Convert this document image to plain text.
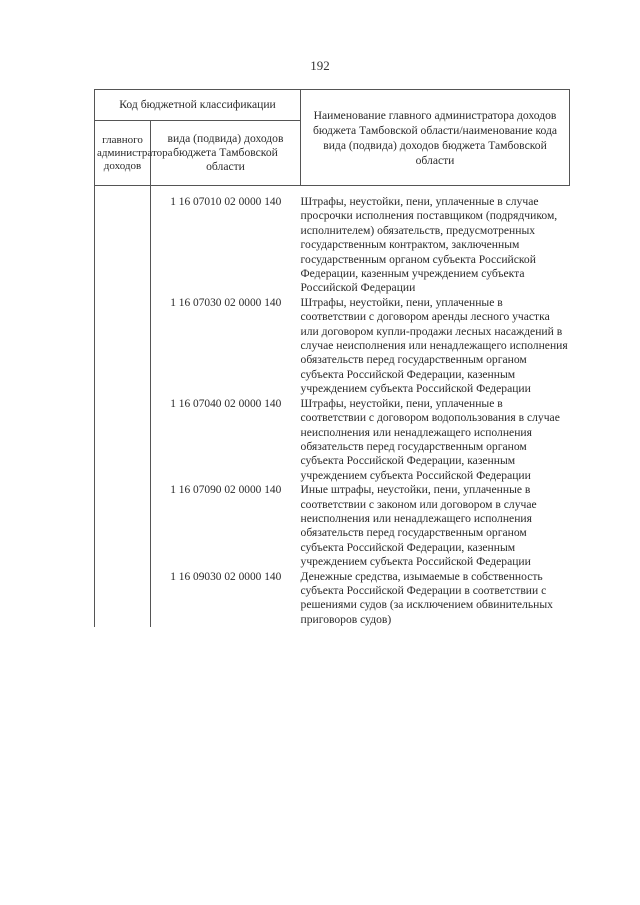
192
Код бюджетной классификации		Наименование главного администратора доходов бюджета Тамбовской области/наименование кода вида (подвида) доходов бюджета Тамбовской области
главного администратора доходов	вида (подвида) доходов бюджета Тамбовской области	
	1 16 07010 02 0000 140	Штрафы, неустойки, пени, уплаченные в случае просрочки исполнения поставщиком (подрядчиком, исполнителем) обязательств, предусмотренных государственным контрактом, заключенным государственным органом субъекта Российской Федерации, казенным учреждением субъекта Российской Федерации
	1 16 07030 02 0000 140	Штрафы, неустойки, пени, уплаченные в соответствии с договором аренды лесного участка или договором купли-продажи лесных насаждений в случае неисполнения или ненадлежащего исполнения обязательств перед государственным органом субъекта Российской Федерации, казенным учреждением субъекта Российской Федерации
	1 16 07040 02 0000 140	Штрафы, неустойки, пени, уплаченные в соответствии с договором водопользования в случае неисполнения или ненадлежащего исполнения обязательств перед государственным органом субъекта Российской Федерации, казенным учреждением субъекта Российской Федерации
	1 16 07090 02 0000 140	Иные штрафы, неустойки, пени, уплаченные в соответствии с законом или договором в случае неисполнения или ненадлежащего исполнения обязательств перед государственным органом субъекта Российской Федерации, казенным учреждением субъекта Российской Федерации
	1 16 09030 02 0000 140	Денежные средства, изымаемые в собственность субъекта Российской Федерации в соответствии с решениями судов (за исключением обвинительных приговоров судов)
